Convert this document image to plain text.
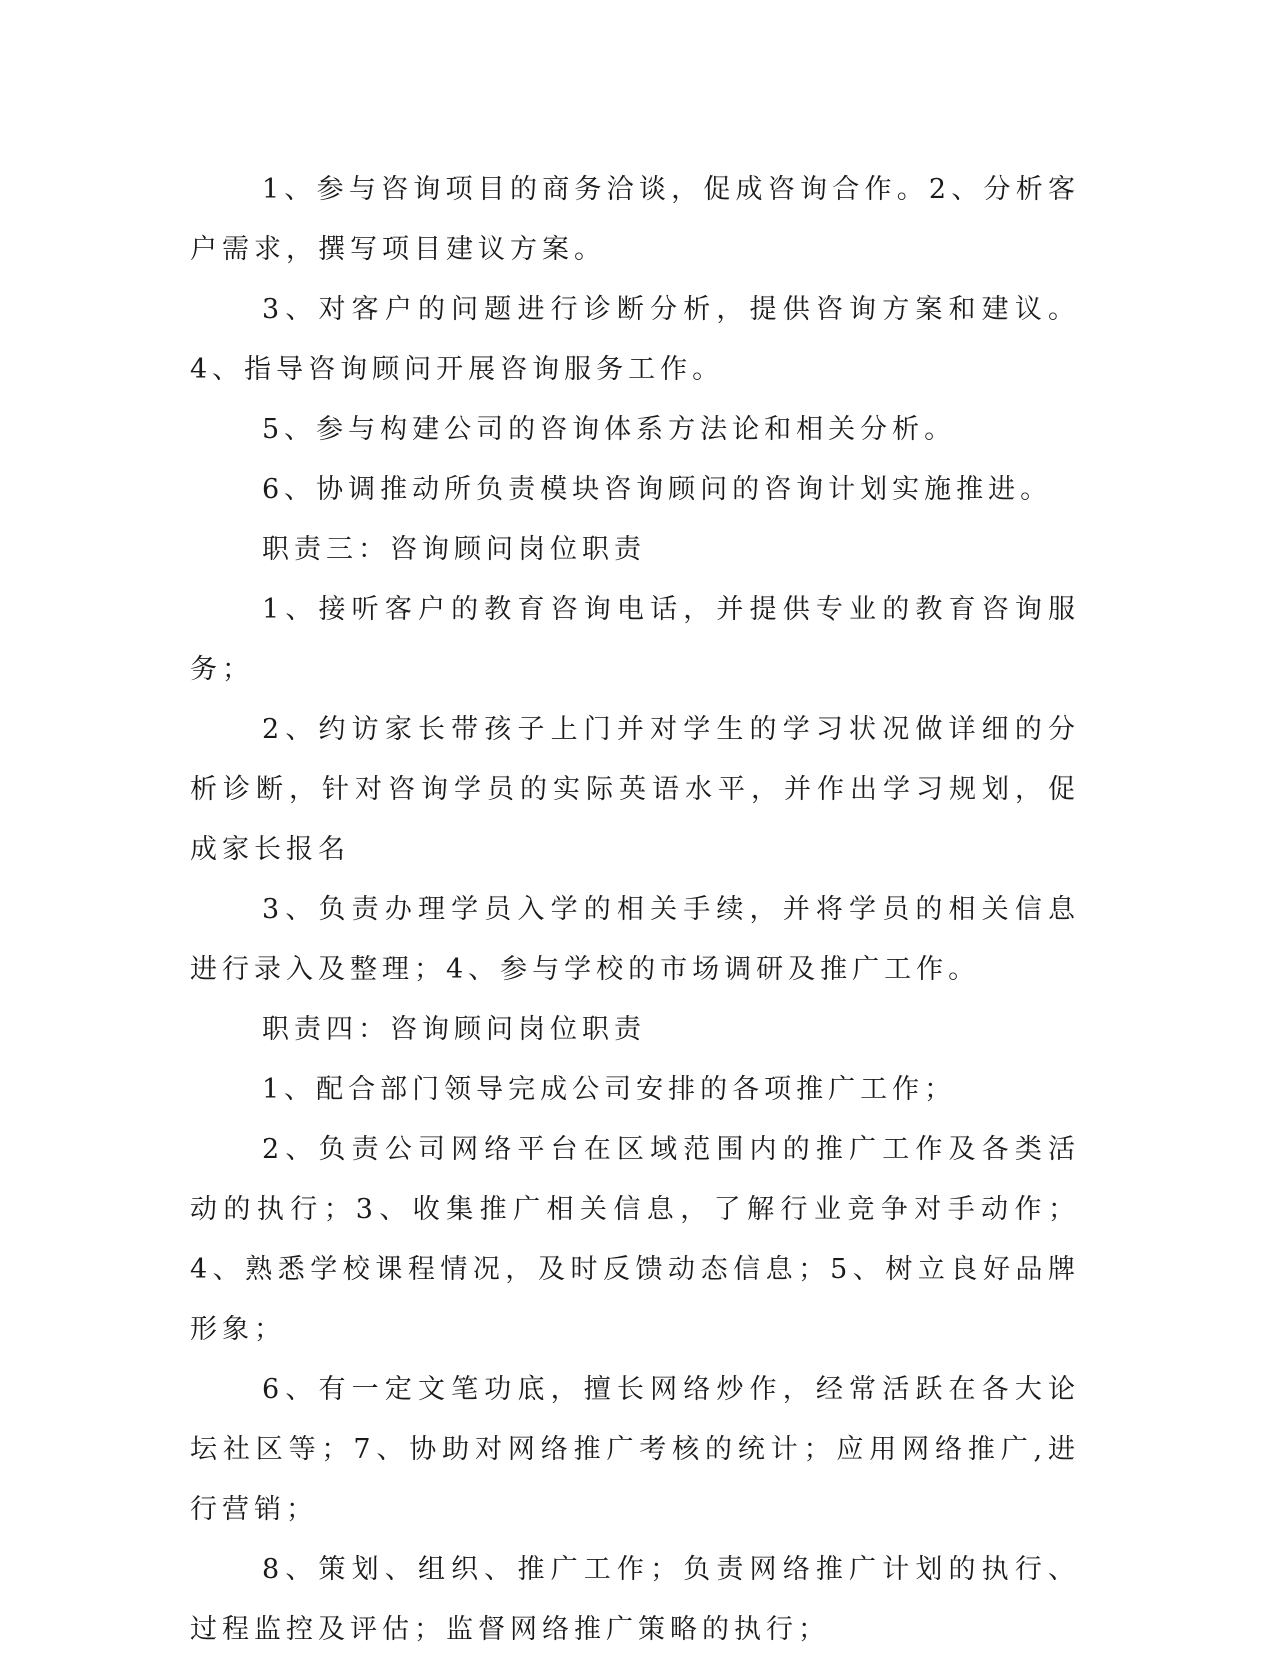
1、参与咨询项目的商务洽谈，促成咨询合作。2、分析客户需求，撰写项目建议方案。

3、对客户的问题进行诊断分析，提供咨询方案和建议。4、指导咨询顾问开展咨询服务工作。

5、参与构建公司的咨询体系方法论和相关分析。

6、协调推动所负责模块咨询顾问的咨询计划实施推进。

职责三：咨询顾问岗位职责

1、接听客户的教育咨询电话，并提供专业的教育咨询服务；

2、约访家长带孩子上门并对学生的学习状况做详细的分析诊断，针对咨询学员的实际英语水平，并作出学习规划，促成家长报名

3、负责办理学员入学的相关手续，并将学员的相关信息进行录入及整理；4、参与学校的市场调研及推广工作。

职责四：咨询顾问岗位职责

1、配合部门领导完成公司安排的各项推广工作；

2、负责公司网络平台在区域范围内的推广工作及各类活动的执行；3、收集推广相关信息，了解行业竞争对手动作；4、熟悉学校课程情况，及时反馈动态信息；5、树立良好品牌形象；

6、有一定文笔功底，擅长网络炒作，经常活跃在各大论坛社区等；7、协助对网络推广考核的统计；应用网络推广,进行营销；

8、策划、组织、推广工作；负责网络推广计划的执行、过程监控及评估；监督网络推广策略的执行；
